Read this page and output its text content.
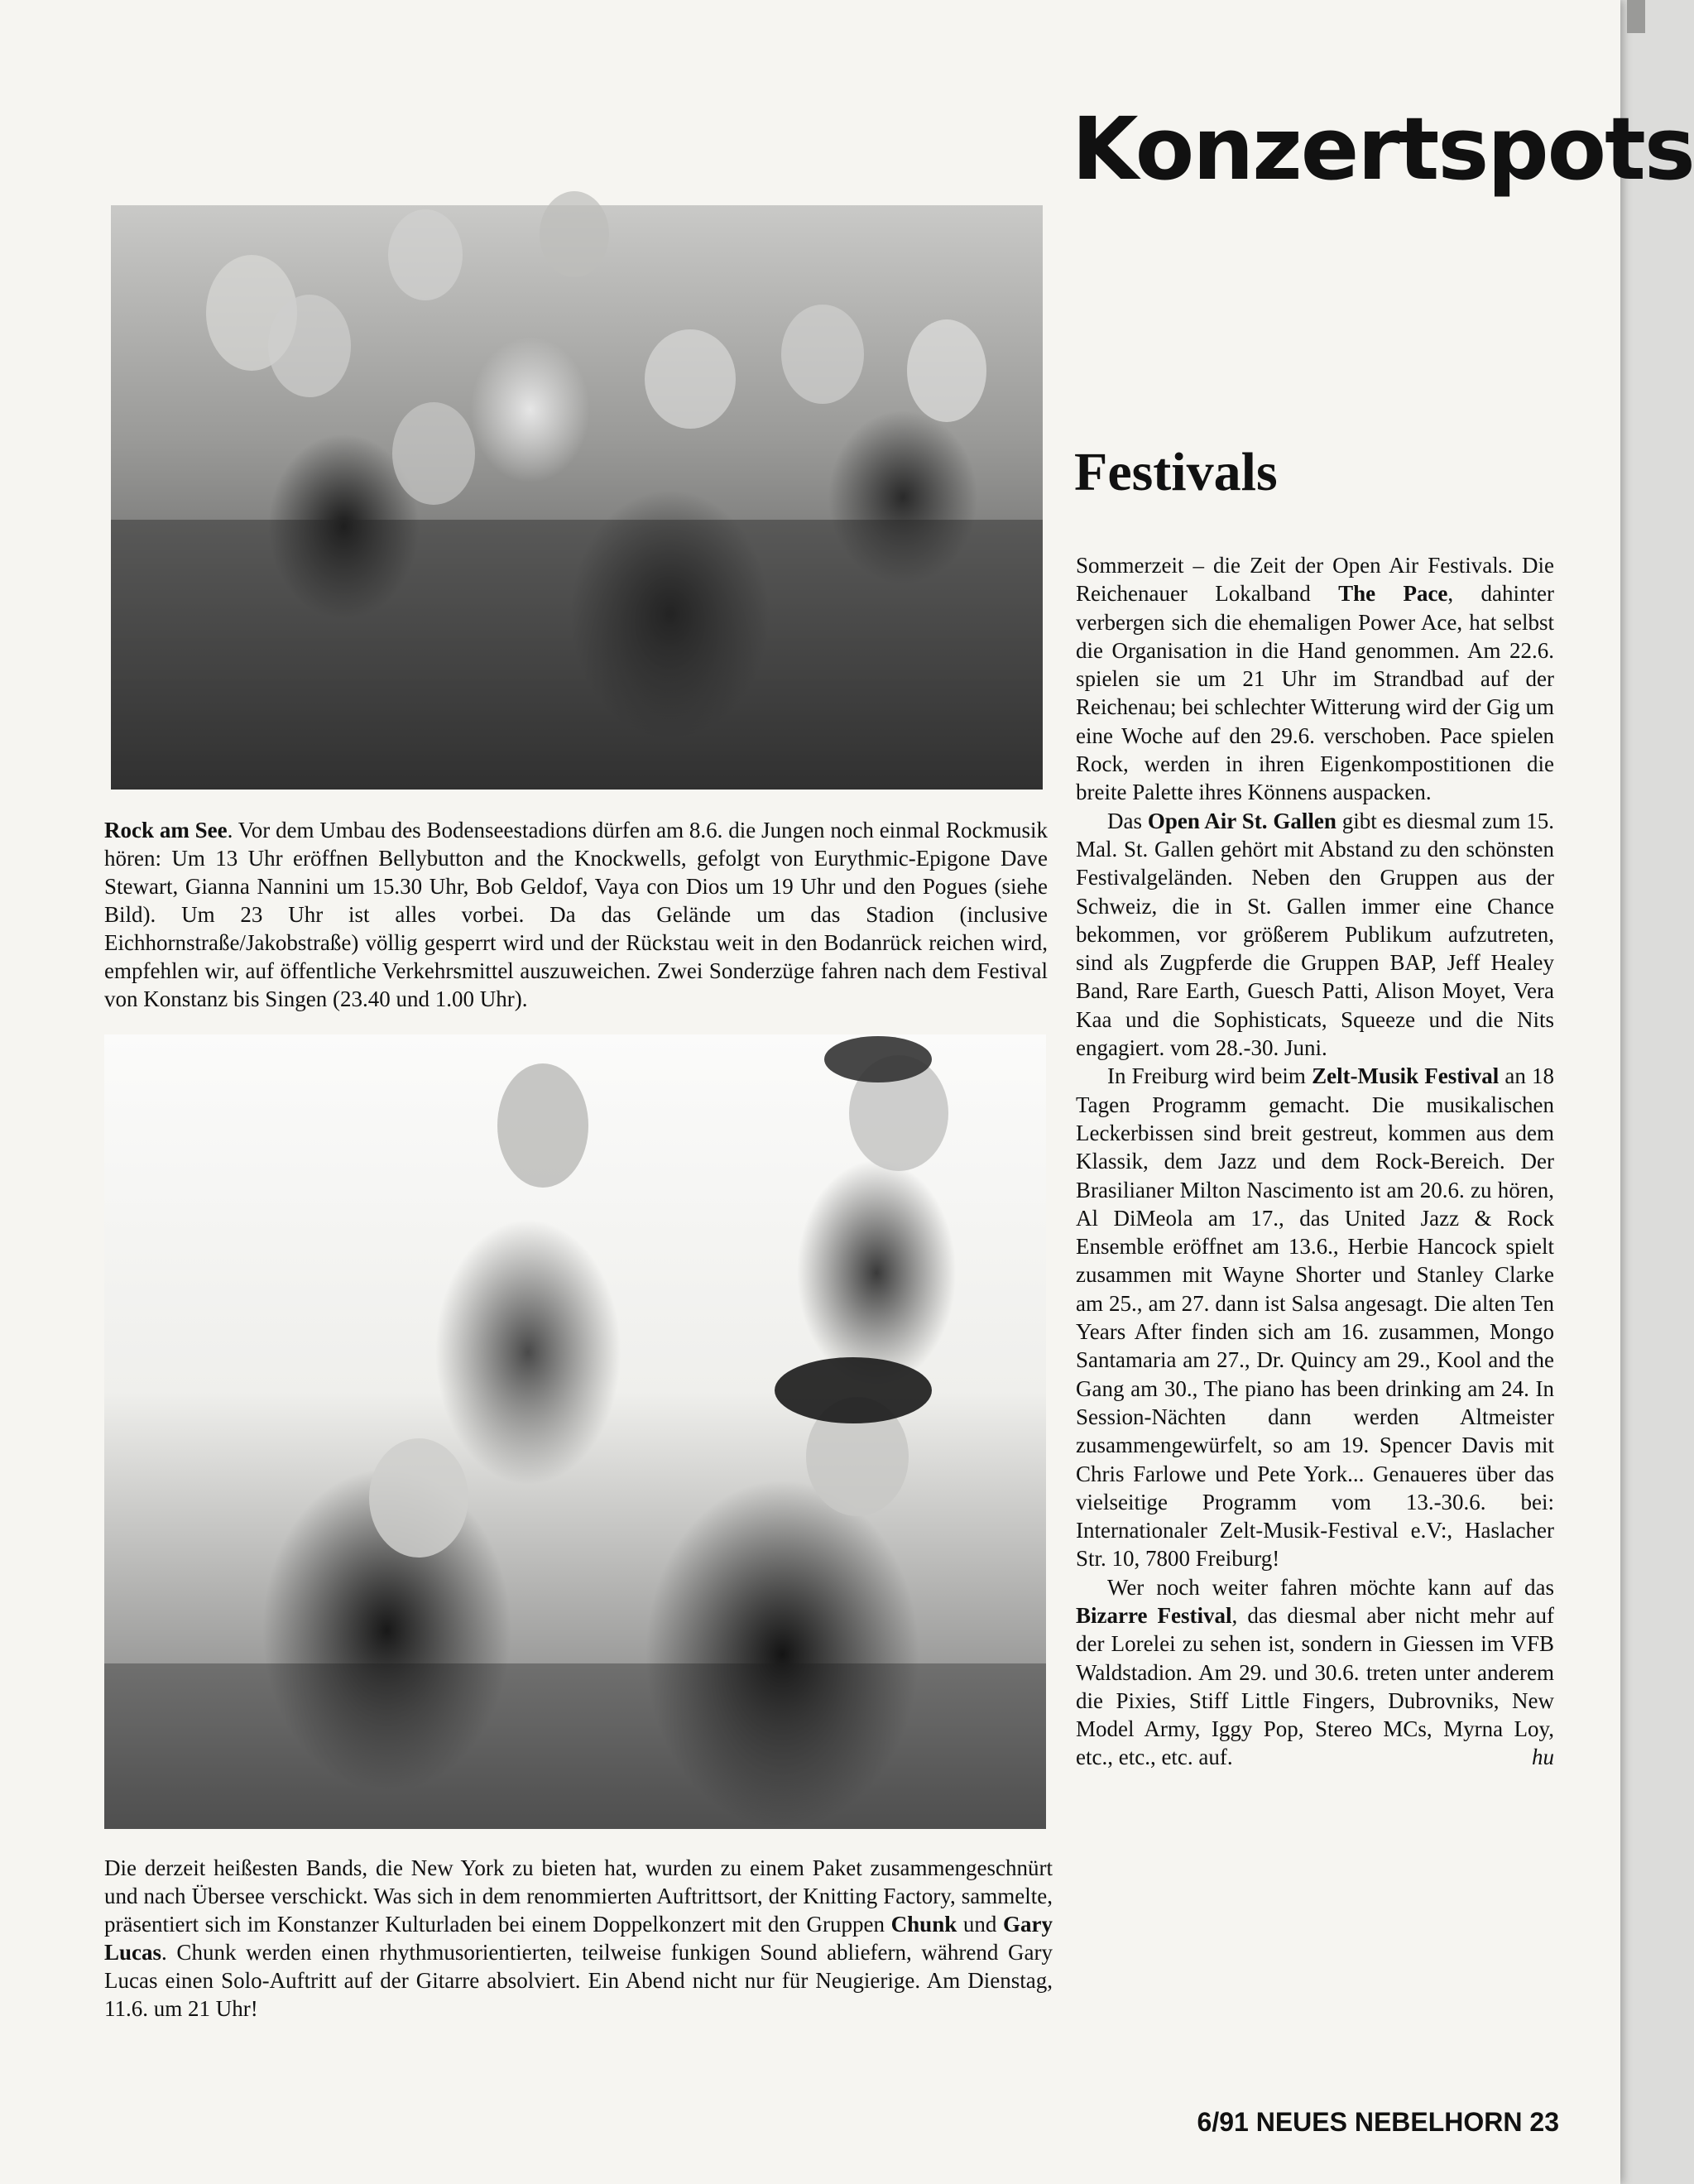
Konzertspots
Rock am See. Vor dem Umbau des Bodenseestadions dürfen am 8.6. die Jungen noch einmal Rockmusik hören: Um 13 Uhr eröffnen Bellybutton and the Knockwells, gefolgt von Eurythmic-Epigone Dave Stewart, Gianna Nannini um 15.30 Uhr, Bob Geldof, Vaya con Dios um 19 Uhr und den Pogues (siehe Bild). Um 23 Uhr ist alles vorbei. Da das Gelände um das Stadion (inclusive Eichhornstraße/Jakobstraße) völlig gesperrt wird und der Rückstau weit in den Bodanrück reichen wird, empfehlen wir, auf öffentliche Verkehrsmittel auszuweichen. Zwei Sonderzüge fahren nach dem Festival von Konstanz bis Singen (23.40 und 1.00 Uhr).
Die derzeit heißesten Bands, die New York zu bieten hat, wurden zu einem Paket zusammengeschnürt und nach Übersee verschickt. Was sich in dem renommierten Auftrittsort, der Knitting Factory, sammelte, präsentiert sich im Konstanzer Kulturladen bei einem Doppelkonzert mit den Gruppen Chunk und Gary Lucas. Chunk werden einen rhythmusorientierten, teilweise funkigen Sound abliefern, während Gary Lucas einen Solo-Auftritt auf der Gitarre absolviert. Ein Abend nicht nur für Neugierige. Am Dienstag, 11.6. um 21 Uhr!
Festivals

Sommerzeit – die Zeit der Open Air Festivals. Die Reichenauer Lokalband The Pace, dahinter verbergen sich die ehemaligen Power Ace, hat selbst die Organisation in die Hand genommen. Am 22.6. spielen sie um 21 Uhr im Strandbad auf der Reichenau; bei schlechter Witterung wird der Gig um eine Woche auf den 29.6. verschoben. Pace spielen Rock, werden in ihren Eigenkompostitionen die breite Palette ihres Könnens auspacken.

Das Open Air St. Gallen gibt es diesmal zum 15. Mal. St. Gallen gehört mit Abstand zu den schönsten Festivalgeländen. Neben den Gruppen aus der Schweiz, die in St. Gallen immer eine Chance bekommen, vor größerem Publikum aufzutreten, sind als Zugpferde die Gruppen BAP, Jeff Healey Band, Rare Earth, Guesch Patti, Alison Moyet, Vera Kaa und die Sophisticats, Squeeze und die Nits engagiert. vom 28.-30. Juni.

In Freiburg wird beim Zelt-Musik Festival an 18 Tagen Programm gemacht. Die musikalischen Leckerbissen sind breit gestreut, kommen aus dem Klassik, dem Jazz und dem Rock-Bereich. Der Brasilianer Milton Nascimento ist am 20.6. zu hören, Al DiMeola am 17., das United Jazz & Rock Ensemble eröffnet am 13.6., Herbie Hancock spielt zusammen mit Wayne Shorter und Stanley Clarke am 25., am 27. dann ist Salsa angesagt. Die alten Ten Years After finden sich am 16. zusammen, Mongo Santamaria am 27., Dr. Quincy am 29., Kool and the Gang am 30., The piano has been drinking am 24. In Session-Nächten dann werden Altmeister zusammengewürfelt, so am 19. Spencer Davis mit Chris Farlowe und Pete York... Genaueres über das vielseitige Programm vom 13.-30.6. bei: Internationaler Zelt-Musik-Festival e.V:, Haslacher Str. 10, 7800 Freiburg!

Wer noch weiter fahren möchte kann auf das Bizarre Festival, das diesmal aber nicht mehr auf der Lorelei zu sehen ist, sondern in Giessen im VFB Waldstadion. Am 29. und 30.6. treten unter anderem die Pixies, Stiff Little Fingers, Dubrovniks, New Model Army, Iggy Pop, Stereo MCs, Myrna Loy, etc., etc., etc. auf.	hu

6/91 NEUES NEBELHORN 23
